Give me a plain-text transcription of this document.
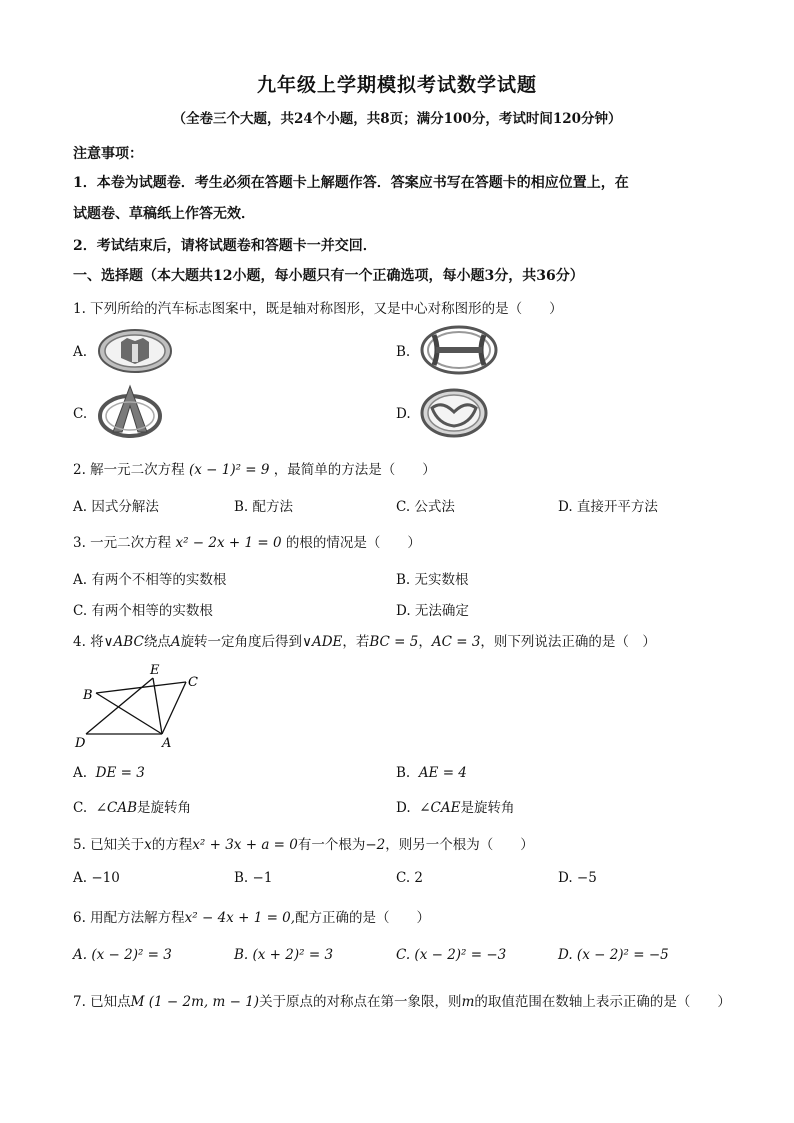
九年级上学期模拟考试数学试题
（全卷三个大题，共24个小题，共8页；满分100分，考试时间120分钟）
注意事项：
1．本卷为试题卷．考生必须在答题卡上解题作答．答案应书写在答题卡的相应位置上，在
试题卷、草稿纸上作答无效．
2．考试结束后，请将试题卷和答题卡一并交回．
一、选择题（本大题共12小题，每小题只有一个正确选项，每小题3分，共36分）
1. 下列所给的汽车标志图案中，既是轴对称图形，又是中心对称图形的是（　　）
A.	B.
C.	D.
2. 解一元二次方程 (x − 1)² = 9 ，最简单的方法是（　　）
A. 因式分解法	B. 配方法	C. 公式法	D. 直接开平方法
3. 一元二次方程 x² − 2x + 1 = 0 的根的情况是（　　）
A. 有两个不相等的实数根	B. 无实数根
C. 有两个相等的实数根	D. 无法确定
4. 将∨ABC绕点A旋转一定角度后得到∨ADE，若BC = 5，AC = 3，则下列说法正确的是（　）
E
C
B
D	A
A. DE = 3	B. AE = 4
C. ∠CAB是旋转角	D. ∠CAE是旋转角
5. 已知关于x的方程x² + 3x + a = 0有一个根为−2，则另一个根为（　　）
A. −10	B. −1	C. 2	D. −5
6. 用配方法解方程x² − 4x + 1 = 0,配方正确的是（　　）
A. (x − 2)² = 3	B. (x + 2)² = 3	C. (x − 2)² = −3	D. (x − 2)² = −5
7. 已知点M (1 − 2m, m − 1)关于原点的对称点在第一象限，则m的取值范围在数轴上表示正确的是（　　）
